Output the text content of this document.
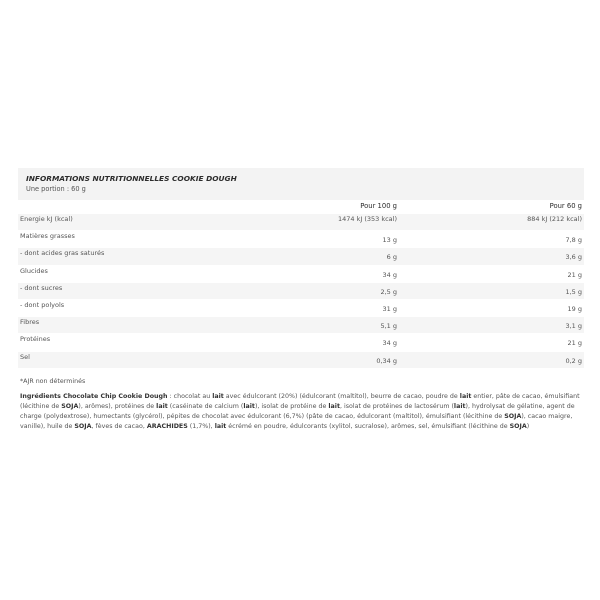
INFORMATIONS NUTRITIONNELLES COOKIE DOUGH
Une portion : 60 g
Pour 100 g	Pour 60 g
Energie kJ (kcal)	1474 kJ (353 kcal)	884 kJ (212 kcal)
Matières grasses	13 g	7,8 g
- dont acides gras saturés	6 g	3,6 g
Glucides	34 g	21 g
- dont sucres	2,5 g	1,5 g
- dont polyols	31 g	19 g
Fibres	5,1 g	3,1 g
Protéines	34 g	21 g
Sel	0,34 g	0,2 g
*AJR non déterminés
Ingrédients Chocolate Chip Cookie Dough : chocolat au lait avec édulcorant (20%) (édulcorant (maltitol), beurre de cacao, poudre de lait entier, pâte de cacao, émulsifiant (lécithine de SOJA), arômes), protéines de lait (caséinate de calcium (lait), isolat de protéine de lait, isolat de protéines de lactosérum (lait), hydrolysat de gélatine, agent de charge (polydextrose), humectants (glycérol), pépites de chocolat avec édulcorant (6,7%) (pâte de cacao, édulcorant (maltitol), émulsifiant (lécithine de SOJA), cacao maigre, vanille), huile de SOJA, fèves de cacao, ARACHIDES (1,7%), lait écrémé en poudre, édulcorants (xylitol, sucralose), arômes, sel, émulsifiant (lécithine de SOJA)
